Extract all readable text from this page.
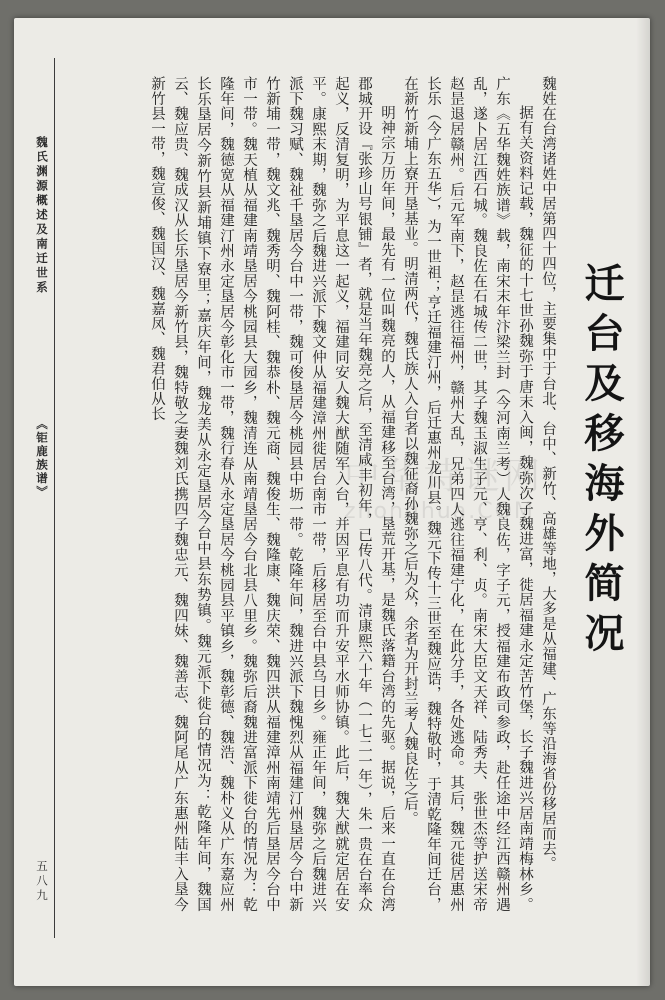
魏氏渊源概述及南迁世系
《钜鹿族谱》
五八九
中华诗谜网
zhonghua.COM 魏姓在台湾诸姓中居第四十四位，主要集中于台北、台中、新竹、高雄等地，大多是从福建、广东等沿海省份移居而去。

据有关资料记载，魏征的十七世孙魏弥于唐末入闽，魏弥次子魏进富，徙居福建永定苦竹堡，长子魏进兴居南靖梅林乡。广东《五华魏姓族谱》载，南宋末年汴梁兰封（今河南兰考）人魏良佐，字子元，授福建布政司参政，赴任途中经江西赣州遇乱，遂卜居江西石城。魏良佐在石城传二世，其子魏玉淑生子元、亨、利、贞。南宋大臣文天祥、陆秀夫、张世杰等护送宋帝赵昰退居赣州。后元军南下，赵昰逃往福州，赣州大乱，兄弟四人逃往福建宁化，在此分手，各处逃命。其后，魏元徙居惠州长乐（今广东五华），为一世祖；亨迁福建汀州，后迁惠州龙川县。魏元下传十三世至魏应诰，魏特敬时，于清乾隆年间迁台，在新竹新埔上寮开垦基业。明清两代，魏氏族人入台者以魏征裔孙魏弥之后为众，余者为开封兰考人魏良佐之后。

明神宗万历年间，最先有一位叫魏亮的人，从福建移至台湾，垦荒开基，是魏氏落籍台湾的先驱。据说，后来一直在台湾郡城开设『张珍山号银铺』者，就是当年魏亮之后，至清咸丰初年，已传八代。清康熙六十年（一七二一年），朱一贵在台率众起义，反清复明，为平息这一起义，福建同安人魏大猷随军入台，并因平息有功而升安平水师协镇。此后，魏大猷就定居在安平。康熙末期，魏弥之后魏进兴派下魏文仲从福建漳州徙居台南市一带，后移居至台中县乌日乡。雍正年间，魏弥之后魏进兴派下魏习赋、魏祉千垦居今台中一带，魏可俊垦居今桃园县中坜一带。乾隆年间，魏进兴派下魏愧烈从福建汀州垦居今台中新竹新埔一带，魏文兆、魏秀明、魏阿桂、魏恭朴、魏元商、魏俊生、魏隆康、魏庆荣、魏四洪从福建漳州南靖先后垦居今台中市一带。魏天植从福建南靖垦居今桃园县大园乡，魏清连从南靖垦居今台北县八里乡。魏弥后裔魏进富派下徙台的情况为：乾隆年间，魏德宽从福建汀州永定垦居今彰化市一带，魏行春从永定垦居今桃园县平镇乡，魏彰德、魏浩、魏朴义从广东嘉应州长乐垦居今新竹县新埔镇下寮里；嘉庆年间，魏龙美从永定垦居今台中县东势镇。魏元派下徙台的情况为：乾隆年间，魏国云、魏应贵、魏成汉从长乐垦居今新竹县，魏特敬之妻魏刘氏携四子魏忠元、魏四妹、魏善志、魏阿尾从广东惠州陆丰入垦今新竹县一带，魏宣俊、魏国汉、魏嘉凤、魏君伯从长

迁台及移海外简况
